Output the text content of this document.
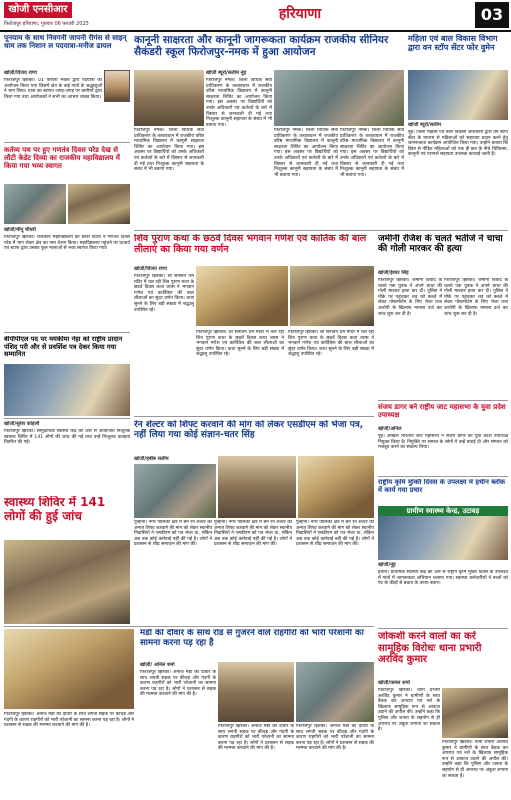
खोजी एनसीआर
फिरोजपुर हरियाणा, गुरुवार 06 फरवरी 2025
हरियाणा	03
पूनयाम के साथ निवगनी जापनी रीगंस से साइन् धाम तक निशान ल पदयात्रा-मनीज ढायल
खोजी/विजय राणा
फिरोजपुर झिरका। 01 फरवरी भक्तों द्वारा पदयात्रा का आयोजन किया गया जिसमें क्षेत्र के कई गांवों के श्रद्धालुओं ने भाग लिया। यात्रा का स्वागत जगह-जगह पर ग्रामीणों द्वारा किया गया तथा आयोजकों ने सभी का आभार व्यक्त किया।
कर्तव्य पथ पर हुए गणतंत्र दिवस परेड देख से लौटी केडेट दिव्या का राजकीय महाविद्यालय में किया गया भव्य स्वागत
खोजी/मीनू चौधरी
फिरोजपुर झिरका। राजकीय महाविद्यालय की छात्रा दिव्या ने गणतंत्र दिवस परेड में भाग लेकर क्षेत्र का नाम रोशन किया। महाविद्यालय पहुंचने पर प्राचार्य एवं स्टाफ द्वारा उसका फूल मालाओं से भव्य स्वागत किया गया।
बीपीपीएल पद पर मयंकीमा नेहा को राष्ट्रीय प्रादान पंशिद परी और से प्रवर्शिश पत्र देकर किया गया सम्मानित
कानूनी साक्षरता और कानूनी जागरूकता कार्यक्रम राजकीय सीनियर सैकंडरी स्कूल फिरोजपुर-नमक में हुआ आयोजन
खोजी ब्यूरो/सलीम नूंह
फिरोजपुर नमक। जिला विधिक सेवा प्राधिकरण के तत्वावधान में राजकीय वरिष्ठ माध्यमिक विद्यालय में कानूनी साक्षरता शिविर का आयोजन किया गया। इस अवसर पर विद्यार्थियों को उनके अधिकारों एवं कर्तव्यों के बारे में विस्तार से जानकारी दी गई तथा निःशुल्क कानूनी सहायता के संबंध में भी बताया गया।
फिरोजपुर नमक। जिला विधिक सेवा प्राधिकरण के तत्वावधान में राजकीय वरिष्ठ माध्यमिक विद्यालय में कानूनी साक्षरता शिविर का आयोजन किया गया। इस अवसर पर विद्यार्थियों को उनके अधिकारों एवं कर्तव्यों के बारे में विस्तार से जानकारी दी गई तथा निःशुल्क कानूनी सहायता के संबंध में भी बताया गया।
फिरोजपुर नमक। जिला विधिक सेवा प्राधिकरण के तत्वावधान में राजकीय वरिष्ठ माध्यमिक विद्यालय में कानूनी साक्षरता शिविर का आयोजन किया गया। इस अवसर पर विद्यार्थियों को उनके अधिकारों एवं कर्तव्यों के बारे में विस्तार से जानकारी दी गई तथा निःशुल्क कानूनी सहायता के संबंध में भी बताया गया।
फिरोजपुर नमक। जिला विधिक सेवा प्राधिकरण के तत्वावधान में राजकीय वरिष्ठ माध्यमिक विद्यालय में कानूनी साक्षरता शिविर का आयोजन किया गया। इस अवसर पर विद्यार्थियों को उनके अधिकारों एवं कर्तव्यों के बारे में विस्तार से जानकारी दी गई तथा निःशुल्क कानूनी सहायता के संबंध में भी बताया गया।
महिला एवं बाल विकास विभाग द्वारा वन स्टॉप सेंटर फोर वुमेन
खोजी ब्यूरो/सलीम
नूंह। जिला महिला एवं बाल विकास अधिकारी द्वारा वन स्टॉप सेंटर के माध्यम से महिलाओं को सहायता प्रदान करने हेतु जागरूकता कार्यक्रम आयोजित किया गया। उन्होंने बताया कि हिंसा से पीड़ित महिलाओं को एक ही छत के नीचे चिकित्सा, कानूनी एवं परामर्श सहायता उपलब्ध करवाई जाती है।
शिव पुराण कथा के छठवें दिवस भगवान गणेश एवं कार्तिक की बाल लीलाएं का किया गया वर्णन
खोजी/विजय राणा
फिरोजपुर झिरका। श्री सनातन धर्म मंदिर में चल रही शिव पुराण कथा के छठवें दिवस कथा व्यास ने भगवान गणेश एवं कार्तिकेय की बाल लीलाओं का सुंदर वर्णन किया। कथा सुनने के लिए बड़ी संख्या में श्रद्धालु उपस्थित रहे।
फिरोजपुर झिरका। श्री सनातन धर्म मंदिर में चल रही शिव पुराण कथा के छठवें दिवस कथा व्यास ने भगवान गणेश एवं कार्तिकेय की बाल लीलाओं का सुंदर वर्णन किया। कथा सुनने के लिए बड़ी संख्या में श्रद्धालु उपस्थित रहे।
फिरोजपुर झिरका। श्री सनातन धर्म मंदिर में चल रही शिव पुराण कथा के छठवें दिवस कथा व्यास ने भगवान गणेश एवं कार्तिकेय की बाल लीलाओं का सुंदर वर्णन किया। कथा सुनने के लिए बड़ी संख्या में श्रद्धालु उपस्थित रहे।
जमीनी रंजिश के चलते भतीजे ने चाचा की गोली मारकर की हत्या
खोजी/ईश्वर सिंह
फिरोजपुर झिरका। जमीनी विवाद के चलते एक युवक ने अपने चाचा की गोली मारकर हत्या कर दी। पुलिस ने मौके पर पहुंचकर शव को कब्जे में लेकर पोस्टमार्टम के लिए भेजा तथा आरोपी के खिलाफ मामला दर्ज कर जांच शुरू कर दी है।
फिरोजपुर झिरका। जमीनी विवाद के चलते एक युवक ने अपने चाचा की गोली मारकर हत्या कर दी। पुलिस ने मौके पर पहुंचकर शव को कब्जे में लेकर पोस्टमार्टम के लिए भेजा तथा आरोपी के खिलाफ मामला दर्ज कर जांच शुरू कर दी है।
संजय डागर बने राष्ट्रीय जाट महासभा के युवा प्रदेश उपाध्यक्ष
खोजी/अनिल
नूंह। अखिल भारतीय जाट महासभा ने संजय डागर को युवा प्रदेश उपाध्यक्ष नियुक्त किया है। नियुक्ति पर समाज के लोगों ने उन्हें बधाई दी और संगठन को मजबूत करने का संकल्प लिया।
राष्ट्रीय कृमि मुक्ति दिवस के उपलक्ष्य में हथीन ब्लॉक में कार्य गया प्रचार
ग्रामीण स्वास्थ्य केन्द्र, उटावड़
खोजी/नूंह
हथीन। प्राथमिक स्वास्थ्य केंद्र की ओर से राष्ट्रीय कृमि मुक्ति दिवस के उपलक्ष्य में गांवों में जागरूकता अभियान चलाया गया। स्वास्थ्य कर्मचारियों ने बच्चों को पेट के कीड़ों से बचाव के उपाय बताए।
रेन शेल्टर को शिफ्ट करवाने की मांग को लेकर एसडीएम को भेजा पत्र, नहीं लिया गया कोई संज्ञान-चतर सिंह
खोजी/हबीब सलीम
पुन्हाना। नगर पालिका क्षेत्र में बने रेन शेल्टर को अन्यत्र शिफ्ट करवाने की मांग को लेकर स्थानीय निवासियों ने एसडीएम को पत्र भेजा था, लेकिन अब तक कोई कार्रवाई नहीं की गई है। लोगों ने प्रशासन से शीघ्र समाधान की मांग की।
पुन्हाना। नगर पालिका क्षेत्र में बने रेन शेल्टर को अन्यत्र शिफ्ट करवाने की मांग को लेकर स्थानीय निवासियों ने एसडीएम को पत्र भेजा था, लेकिन अब तक कोई कार्रवाई नहीं की गई है। लोगों ने प्रशासन से शीघ्र समाधान की मांग की।
पुन्हाना। नगर पालिका क्षेत्र में बने रेन शेल्टर को अन्यत्र शिफ्ट करवाने की मांग को लेकर स्थानीय निवासियों ने एसडीएम को पत्र भेजा था, लेकिन अब तक कोई कार्रवाई नहीं की गई है। लोगों ने प्रशासन से शीघ्र समाधान की मांग की।
खोजी/सुरेश कोहली
फिरोजपुर झिरका। सामुदायिक स्वास्थ्य केंद्र की ओर से आयोजित निःशुल्क स्वास्थ्य शिविर में 141 लोगों की जांच की गई तथा उन्हें निःशुल्क दवाइयां वितरित की गईं।
स्वास्थ्य शिविर में 141 लोगों की हुई जांच
मंडी की दीवार के साथ रोड से गुजरने वाले राहगीरों को भारी परेशानी का सामना करना पड़ रहा है
खोजी/ अनिल शर्मा
फिरोजपुर झिरका। अनाज मंडी की दीवार के साथ लगती सड़क पर कीचड़ और गंदगी के कारण राहगीरों को भारी परेशानी का सामना करना पड़ रहा है। लोगों ने प्रशासन से सड़क की मरम्मत करवाने की मांग की है।
फिरोजपुर झिरका। अनाज मंडी की दीवार के साथ लगती सड़क पर कीचड़ और गंदगी के कारण राहगीरों को भारी परेशानी का सामना करना पड़ रहा है। लोगों ने प्रशासन से सड़क की मरम्मत करवाने की मांग की है।
फिरोजपुर झिरका। अनाज मंडी की दीवार के साथ लगती सड़क पर कीचड़ और गंदगी के कारण राहगीरों को भारी परेशानी का सामना करना पड़ रहा है। लोगों ने प्रशासन से सड़क की मरम्मत करवाने की मांग की है।
फिरोजपुर झिरका। अनाज मंडी की दीवार के साथ लगती सड़क पर कीचड़ और गंदगी के कारण राहगीरों को भारी परेशानी का सामना करना पड़ रहा है। लोगों ने प्रशासन से सड़क की मरम्मत करवाने की मांग की है।
जोकशी करने वालों का करें सामूहिक विरोधः थाना प्रभारी अरविंद कुमार
खोजी/कमल शर्मा
फिरोजपुर झिरका। थाना प्रभारी अरविंद कुमार ने ग्रामीणों के साथ बैठक कर अपराध एवं नशे के खिलाफ सामूहिक रूप से आवाज उठाने की अपील की। उन्होंने कहा कि पुलिस और जनता के सहयोग से ही अपराध पर अंकुश लगाया जा सकता है।
फिरोजपुर झिरका। थाना प्रभारी अरविंद कुमार ने ग्रामीणों के साथ बैठक कर अपराध एवं नशे के खिलाफ सामूहिक रूप से आवाज उठाने की अपील की। उन्होंने कहा कि पुलिस और जनता के सहयोग से ही अपराध पर अंकुश लगाया जा सकता है।
